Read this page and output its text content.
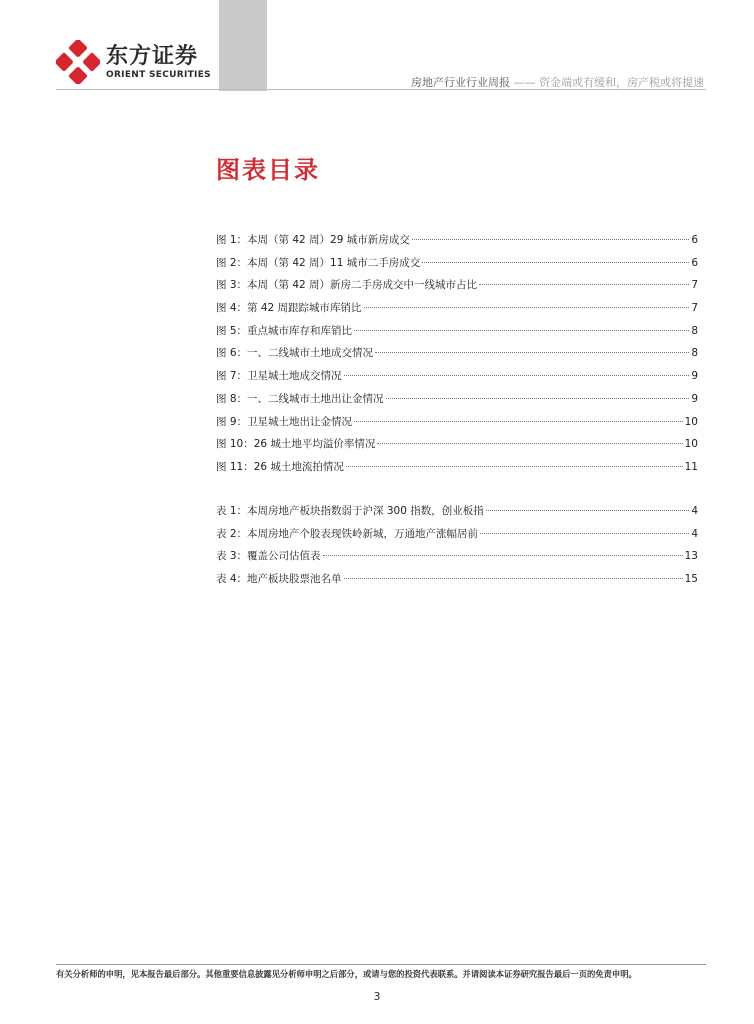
东方证券
ORIENT SECURITIES
房地产行业行业周报 —— 资金端或有缓和，房产税或将提速
图表目录
图 1：本周（第 42 周）29 城市新房成交	6
图 2：本周（第 42 周）11 城市二手房成交	6
图 3：本周（第 42 周）新房二手房成交中一线城市占比	7
图 4：第 42 周跟踪城市库销比	7
图 5：重点城市库存和库销比	8
图 6：一、二线城市土地成交情况	8
图 7：卫星城土地成交情况	9
图 8：一、二线城市土地出让金情况	9
图 9：卫星城土地出让金情况	10
图 10：26 城土地平均溢价率情况	10
图 11：26 城土地流拍情况	11
表 1：本周房地产板块指数弱于沪深 300 指数，创业板指	4
表 2：本周房地产个股表现铁岭新城，万通地产涨幅居前	4
表 3：覆盖公司估值表	13
表 4：地产板块股票池名单	15
有关分析师的申明，见本报告最后部分。其他重要信息披露见分析师申明之后部分，或请与您的投资代表联系。并请阅读本证券研究报告最后一页的免责申明。
3
